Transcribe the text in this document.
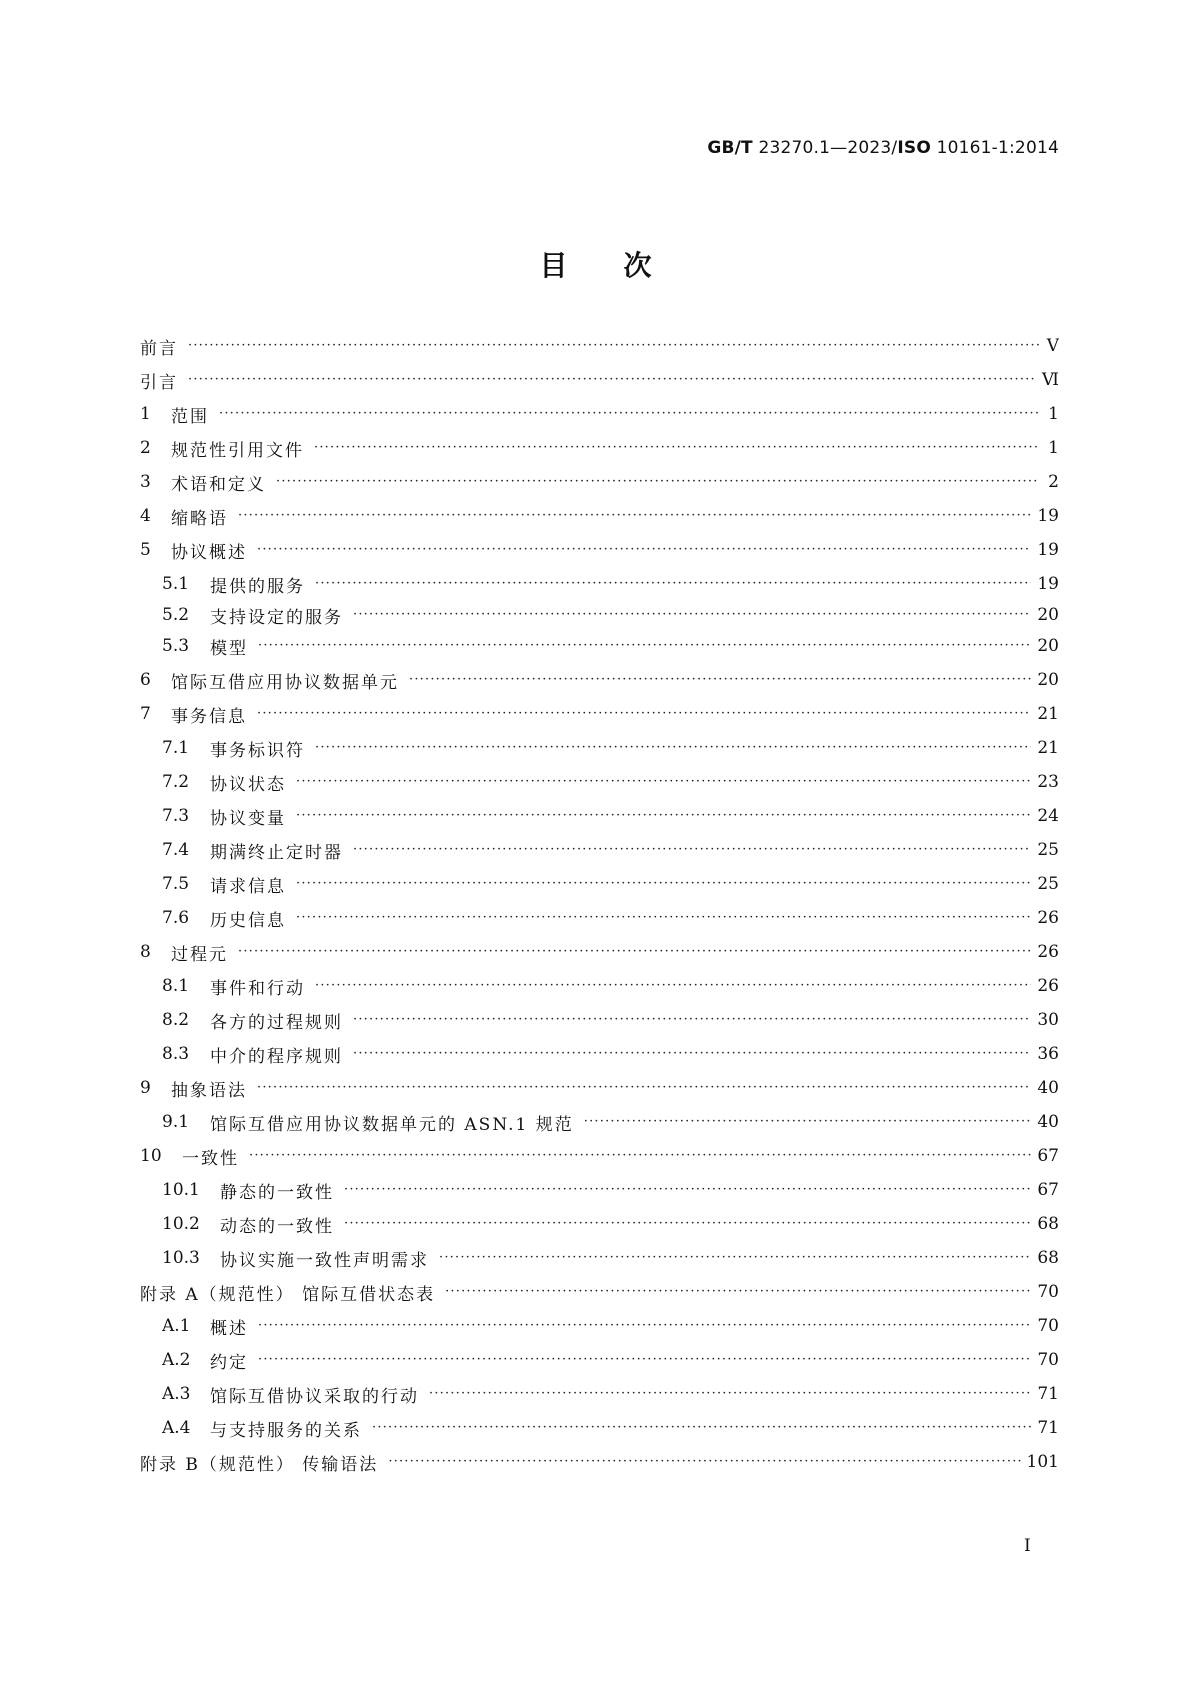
GB/T 23270.1—2023/ISO 10161-1:2014
目次
前言 ·····	Ⅴ
引言 ·····	Ⅵ
1	范围 ·····	1
2	规范性引用文件 ·····	1
3	术语和定义 ·····	2
4	缩略语 ·····	19
5	协议概述 ·····	19
5.1	提供的服务 ·····	19
5.2	支持设定的服务 ·····	20
5.3	模型 ·····	20
6	馆际互借应用协议数据单元 ·····	20
7	事务信息 ·····	21
7.1	事务标识符 ·····	21
7.2	协议状态 ·····	23
7.3	协议变量 ·····	24
7.4	期满终止定时器 ·····	25
7.5	请求信息 ·····	25
7.6	历史信息 ·····	26
8	过程元 ·····	26
8.1	事件和行动 ·····	26
8.2	各方的过程规则 ·····	30
8.3	中介的程序规则 ·····	36
9	抽象语法 ·····	40
9.1	馆际互借应用协议数据单元的 ASN.1 规范 ·····	40
10	一致性 ·····	67
10.1	静态的一致性 ·····	67
10.2	动态的一致性 ·····	68
10.3	协议实施一致性声明需求 ·····	68
附录 A（规范性） 馆际互借状态表 ·····	70
A.1	概述 ·····	70
A.2	约定 ·····	70
A.3	馆际互借协议采取的行动 ·····	71
A.4	与支持服务的关系 ·····	71
附录 B（规范性） 传输语法 ·····	101
Ⅰ
